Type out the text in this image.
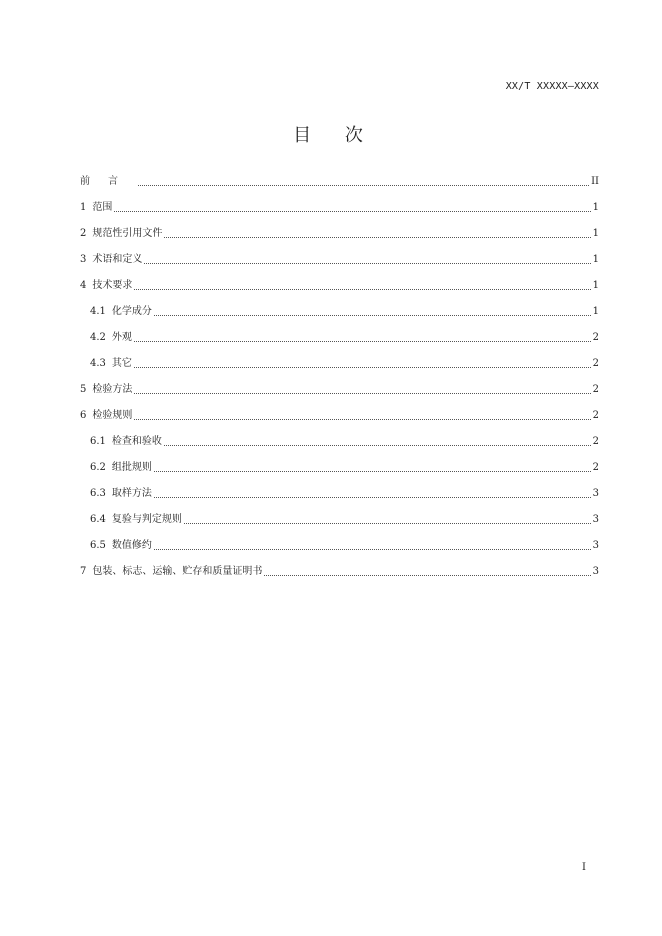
XX/T XXXXX—XXXX
目 次
前言	II
1 范围	1
2 规范性引用文件	1
3 术语和定义	1
4 技术要求	1
4.1 化学成分	1
4.2 外观	2
4.3 其它	2
5 检验方法	2
6 检验规则	2
6.1 检查和验收	2
6.2 组批规则	2
6.3 取样方法	3
6.4 复验与判定规则	3
6.5 数值修约	3
7 包装、标志、运输、贮存和质量证明书	3
I
